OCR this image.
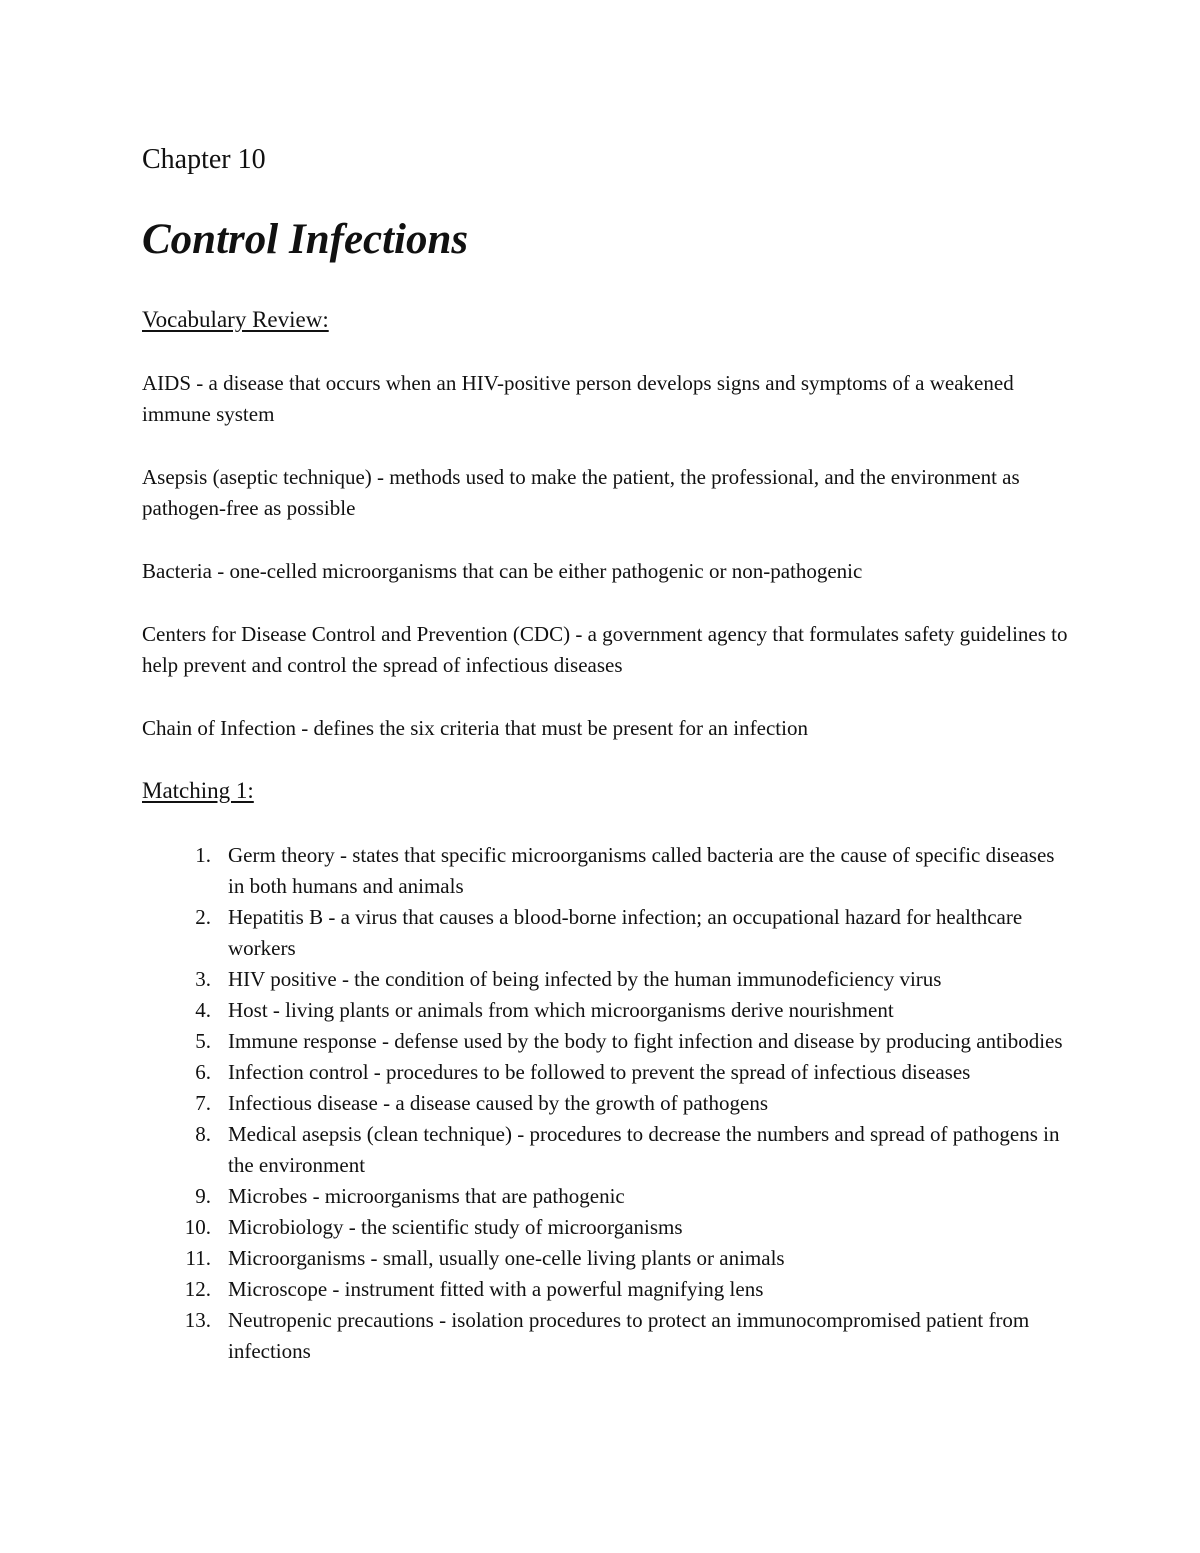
Chapter 10
Control Infections
Vocabulary Review:
AIDS - a disease that occurs when an HIV-positive person develops signs and symptoms of a weakened immune system
Asepsis (aseptic technique) - methods used to make the patient, the professional, and the environment as pathogen-free as possible
Bacteria - one-celled microorganisms that can be either pathogenic or non-pathogenic
Centers for Disease Control and Prevention (CDC) - a government agency that formulates safety guidelines to help prevent and control the spread of infectious diseases
Chain of Infection - defines the six criteria that must be present for an infection
Matching 1:
1. Germ theory - states that specific microorganisms called bacteria are the cause of specific diseases in both humans and animals
2. Hepatitis B - a virus that causes a blood-borne infection; an occupational hazard for healthcare workers
3. HIV positive - the condition of being infected by the human immunodeficiency virus
4. Host - living plants or animals from which microorganisms derive nourishment
5. Immune response - defense used by the body to fight infection and disease by producing antibodies
6. Infection control - procedures to be followed to prevent the spread of infectious diseases
7. Infectious disease - a disease caused by the growth of pathogens
8. Medical asepsis (clean technique) - procedures to decrease the numbers and spread of pathogens in the environment
9. Microbes - microorganisms that are pathogenic
10. Microbiology - the scientific study of microorganisms
11. Microorganisms - small, usually one-celle living plants or animals
12. Microscope - instrument fitted with a powerful magnifying lens
13. Neutropenic precautions - isolation procedures to protect an immunocompromised patient from infections
